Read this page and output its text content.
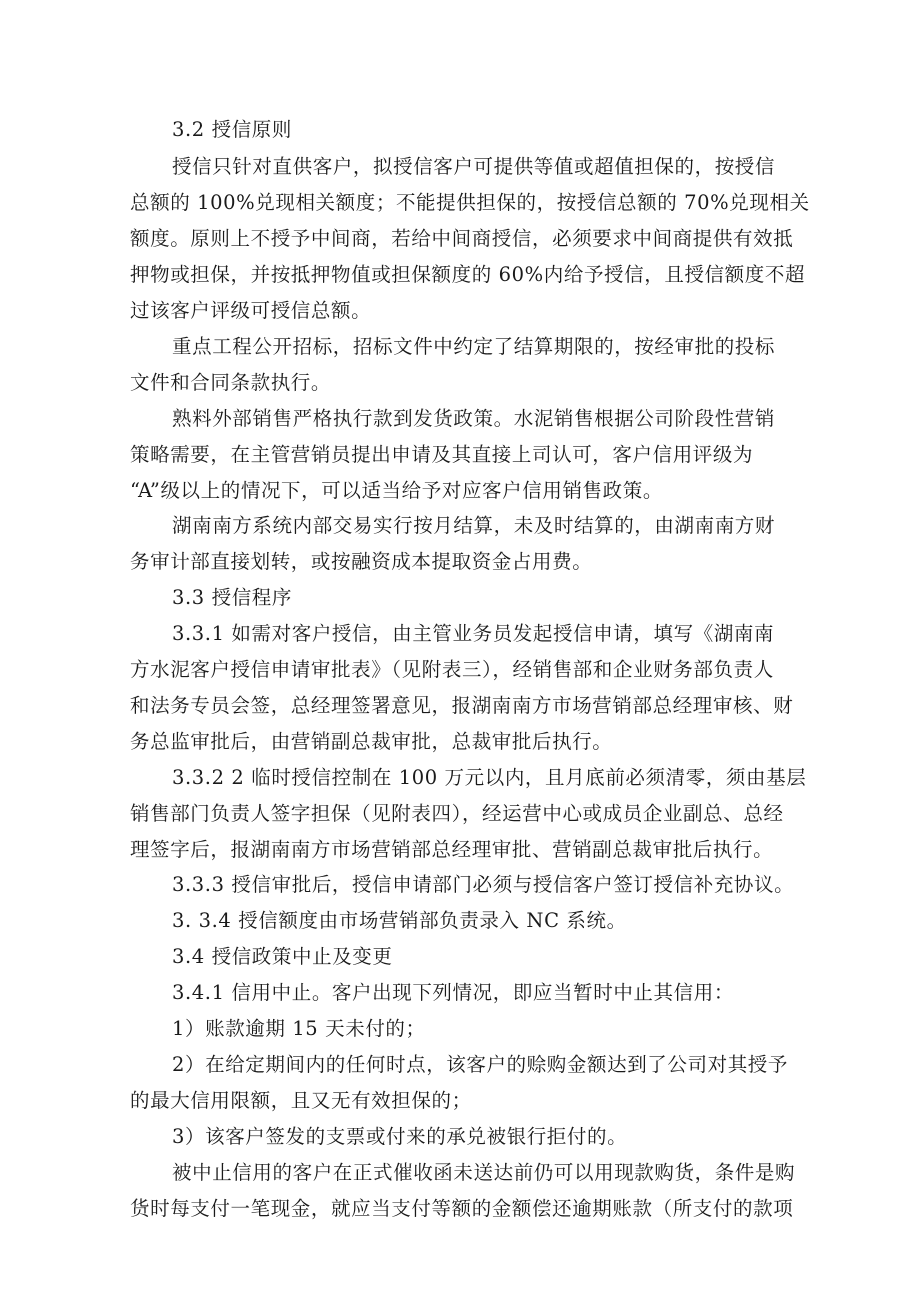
3.2 授信原则
授信只针对直供客户，拟授信客户可提供等值或超值担保的，按授信
总额的 100%兑现相关额度；不能提供担保的，按授信总额的 70%兑现相关
额度。原则上不授予中间商，若给中间商授信，必须要求中间商提供有效抵
押物或担保，并按抵押物值或担保额度的 60%内给予授信，且授信额度不超
过该客户评级可授信总额。
重点工程公开招标，招标文件中约定了结算期限的，按经审批的投标
文件和合同条款执行。
熟料外部销售严格执行款到发货政策。水泥销售根据公司阶段性营销
策略需要，在主管营销员提出申请及其直接上司认可，客户信用评级为
“A”级以上的情况下，可以适当给予对应客户信用销售政策。
湖南南方系统内部交易实行按月结算，未及时结算的，由湖南南方财
务审计部直接划转，或按融资成本提取资金占用费。
3.3 授信程序
3.3.1 如需对客户授信，由主管业务员发起授信申请，填写《湖南南
方水泥客户授信申请审批表》（见附表三），经销售部和企业财务部负责人
和法务专员会签，总经理签署意见，报湖南南方市场营销部总经理审核、财
务总监审批后，由营销副总裁审批，总裁审批后执行。
3.3.2 2 临时授信控制在 100 万元以内，且月底前必须清零，须由基层
销售部门负责人签字担保（见附表四），经运营中心或成员企业副总、总经
理签字后，报湖南南方市场营销部总经理审批、营销副总裁审批后执行。
3.3.3 授信审批后，授信申请部门必须与授信客户签订授信补充协议。
3. 3.4 授信额度由市场营销部负责录入 NC 系统。
3.4 授信政策中止及变更
3.4.1 信用中止。客户出现下列情况，即应当暂时中止其信用：
1）账款逾期 15 天未付的；
2）在给定期间内的任何时点，该客户的赊购金额达到了公司对其授予
的最大信用限额，且又无有效担保的；
3）该客户签发的支票或付来的承兑被银行拒付的。
被中止信用的客户在正式催收函未送达前仍可以用现款购货，条件是购
货时每支付一笔现金，就应当支付等额的金额偿还逾期账款（所支付的款项
